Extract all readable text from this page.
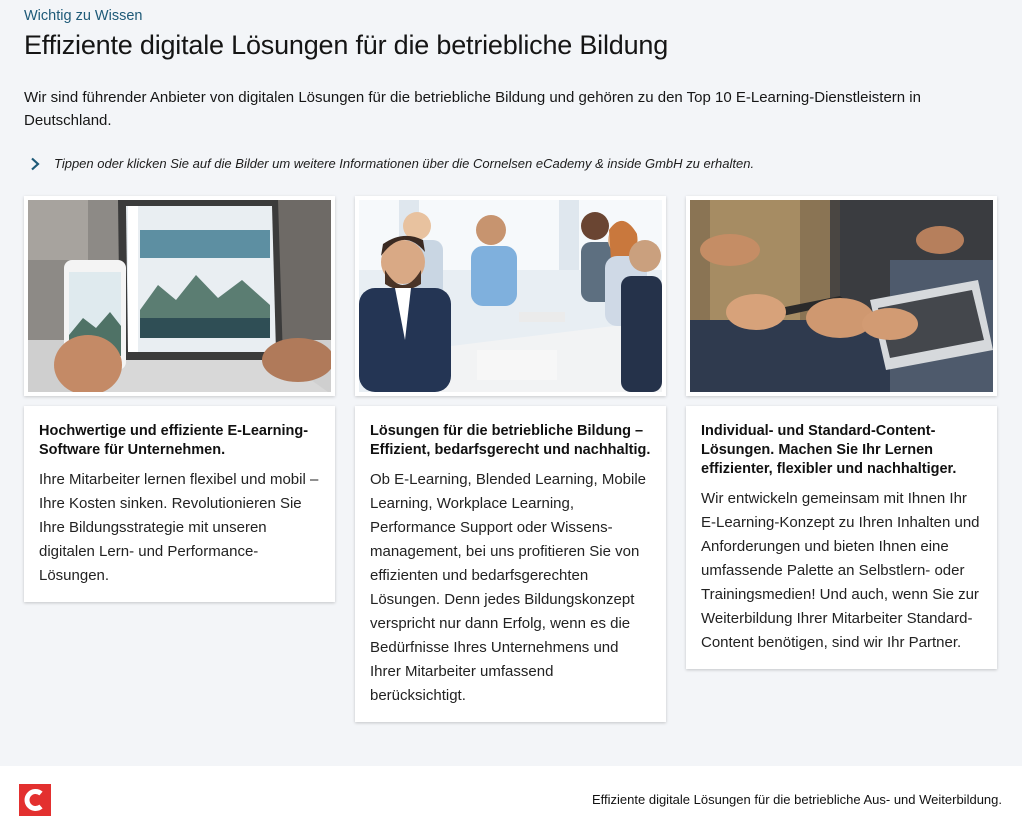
Wichtig zu Wissen
Effiziente digitale Lösungen für die betriebliche Bildung

Wir sind führender Anbieter von digitalen Lösungen für die betriebliche Bildung und gehören zu den Top 10 E-Learning-Dienstleistern in Deutschland.

Tippen oder klicken Sie auf die Bilder um weitere Informationen über die Cornelsen eCademy & inside GmbH zu erhalten.
Hochwertige und effiziente E-Learning-Software für Unternehmen.

Ihre Mitarbeiter lernen flexibel und mobil – Ihre Kosten sinken. Revolutionieren Sie Ihre Bildungsstrategie mit unseren digitalen Lern- und Performance-Lösungen.

Lösungen für die betriebliche Bildung – Effizient, bedarfsgerecht und nachhaltig.

Ob E-Learning, Blended Learning, Mobile Learning, Workplace Learning, Performance Support oder Wissens-management, bei uns profitieren Sie von effizienten und bedarfsgerechten Lösungen. Denn jedes Bildungskonzept verspricht nur dann Erfolg, wenn es die Bedürfnisse Ihres Unternehmens und Ihrer Mitarbeiter umfassend berücksichtigt.

Individual- und Standard-Content-Lösungen. Machen Sie Ihr Lernen effizienter, flexibler und nachhaltiger.

Wir entwickeln gemeinsam mit Ihnen Ihr E-Learning-Konzept zu Ihren Inhalten und Anforderungen und bieten Ihnen eine umfassende Palette an Selbstlern- oder Trainingsmedien! Und auch, wenn Sie zur Weiterbildung Ihrer Mitarbeiter Standard-Content benötigen, sind wir Ihr Partner.

Effiziente digitale Lösungen für die betriebliche Aus- und Weiterbildung.
